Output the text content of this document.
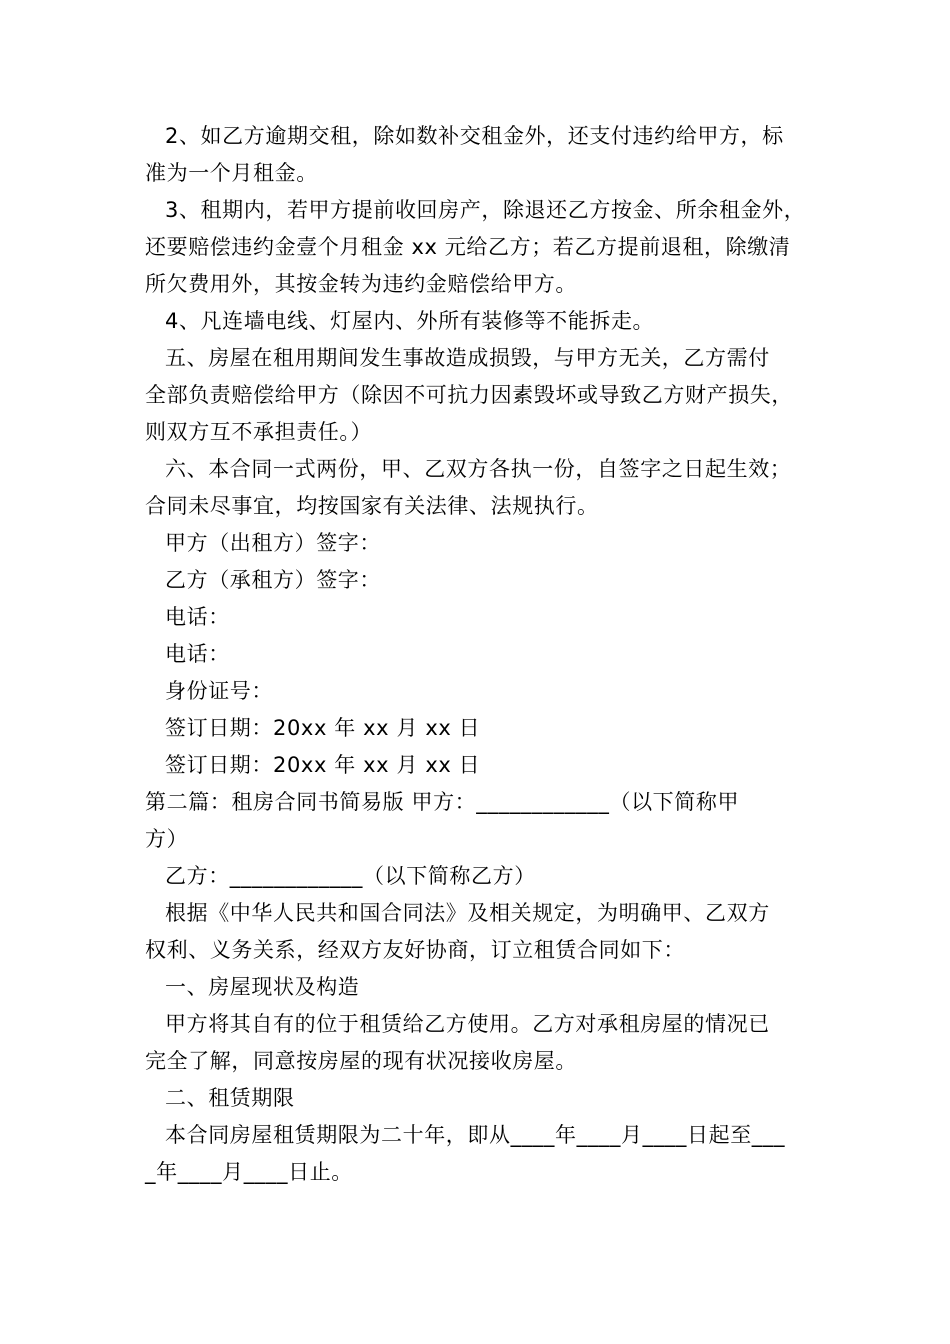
2、如乙方逾期交租，除如数补交租金外，还支付违约给甲方，标

准为一个月租金。

3、租期内，若甲方提前收回房产，除退还乙方按金、所余租金外，

还要赔偿违约金壹个月租金 xx 元给乙方；若乙方提前退租，除缴清

所欠费用外，其按金转为违约金赔偿给甲方。

4、凡连墙电线、灯屋内、外所有装修等不能拆走。

五、房屋在租用期间发生事故造成损毁，与甲方无关，乙方需付

全部负责赔偿给甲方（除因不可抗力因素毁坏或导致乙方财产损失，

则双方互不承担责任。）

六、本合同一式两份，甲、乙双方各执一份，自签字之日起生效；

合同未尽事宜，均按国家有关法律、法规执行。

甲方（出租方）签字：

乙方（承租方）签字：

电话：

电话：

身份证号：

签订日期：20xx 年 xx 月 xx 日

签订日期：20xx 年 xx 月 xx 日

第二篇：租房合同书简易版 甲方：____________（以下简称甲

方）

乙方：____________（以下简称乙方）

根据《中华人民共和国合同法》及相关规定，为明确甲、乙双方

权利、义务关系，经双方友好协商，订立租赁合同如下：

一、房屋现状及构造

甲方将其自有的位于租赁给乙方使用。乙方对承租房屋的情况已

完全了解，同意按房屋的现有状况接收房屋。

二、租赁期限

本合同房屋租赁期限为二十年，即从____年____月____日起至___

_年____月____日止。
